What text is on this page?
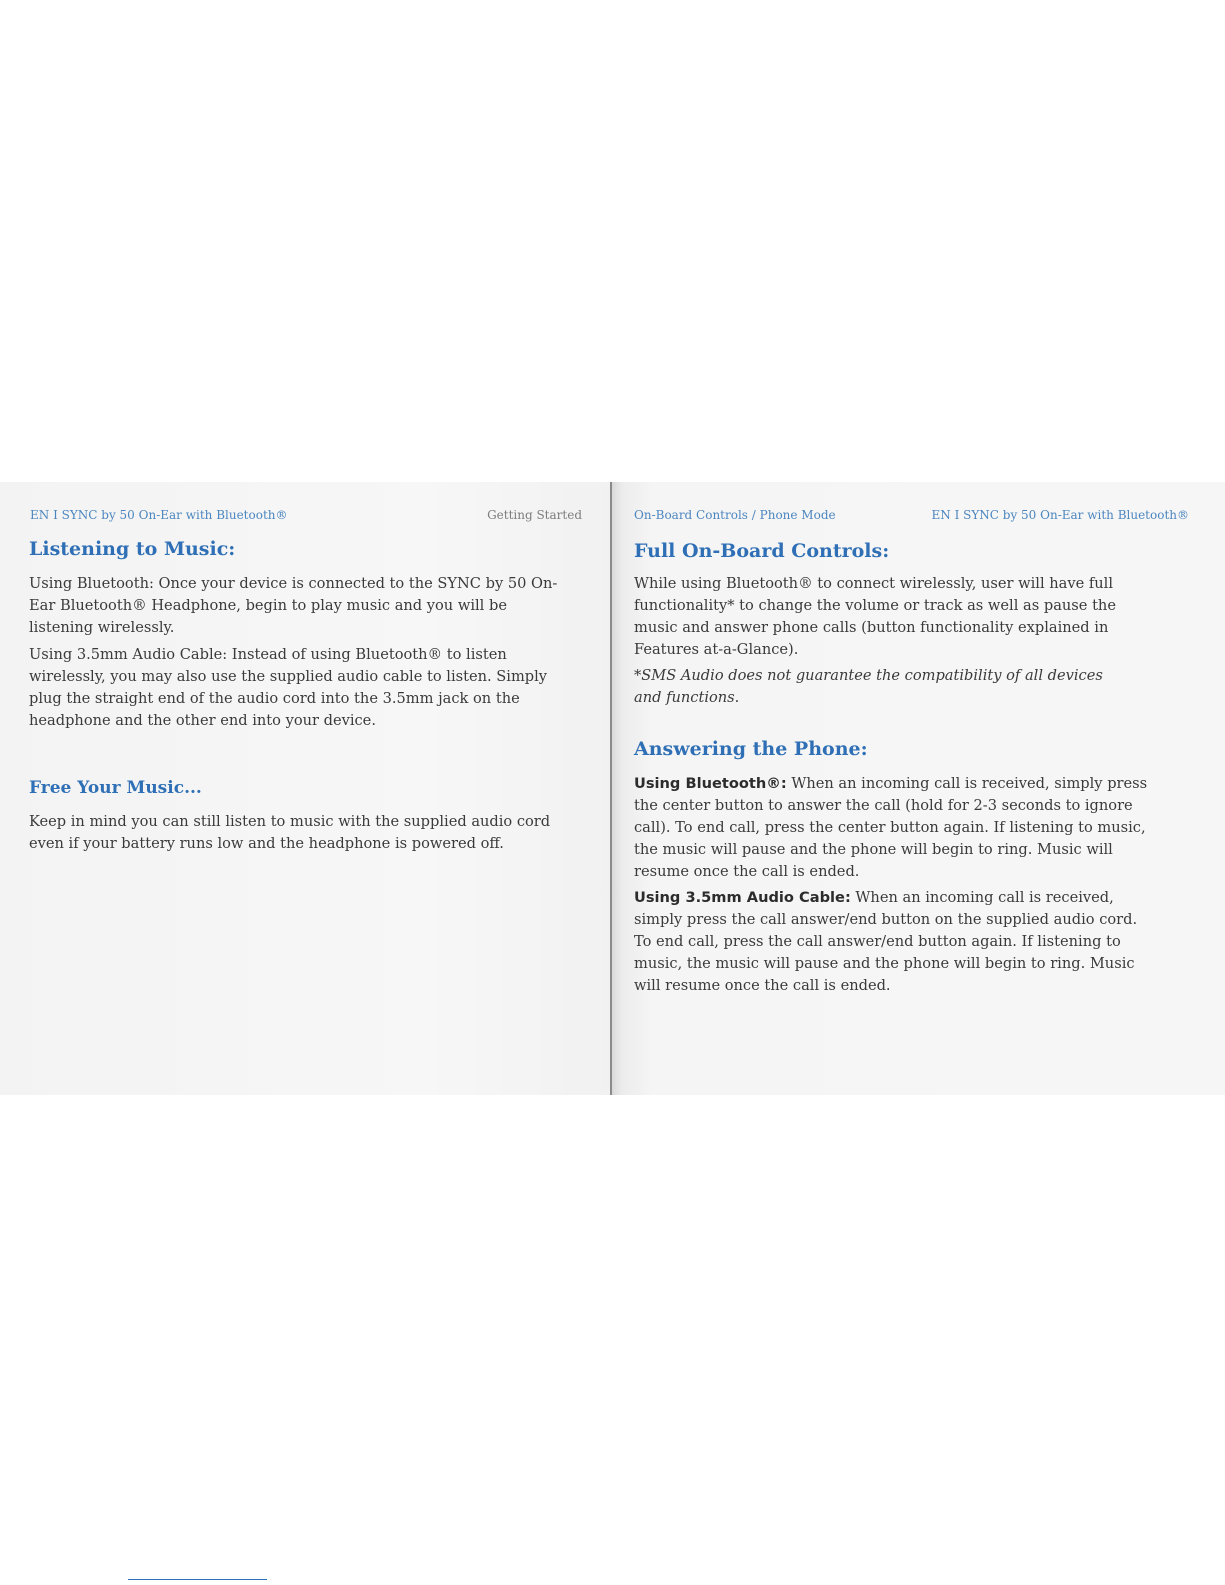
EN I SYNC by 50 On-Ear with Bluetooth®	Getting Started
Listening to Music:

Using Bluetooth: Once your device is connected to the SYNC by 50 On-Ear Bluetooth® Headphone, begin to play music and you will be listening wirelessly.

Using 3.5mm Audio Cable: Instead of using Bluetooth® to listen wirelessly, you may also use the supplied audio cable to listen. Simply plug the straight end of the audio cord into the 3.5mm jack on the headphone and the other end into your device.

Free Your Music...

Keep in mind you can still listen to music with the supplied audio cord even if your battery runs low and the headphone is powered off.

On-Board Controls / Phone Mode	EN I SYNC by 50 On-Ear with Bluetooth®
Full On-Board Controls:

While using Bluetooth® to connect wirelessly, user will have full functionality* to change the volume or track as well as pause the music and answer phone calls (button functionality explained in Features at-a-Glance).

*SMS Audio does not guarantee the compatibility of all devices and functions.

Answering the Phone:

Using Bluetooth®: When an incoming call is received, simply press the center button to answer the call (hold for 2-3 seconds to ignore call). To end call, press the center button again. If listening to music, the music will pause and the phone will begin to ring. Music will resume once the call is ended.

Using 3.5mm Audio Cable: When an incoming call is received, simply press the call answer/end button on the supplied audio cord. To end call, press the call answer/end button again. If listening to music, the music will pause and the phone will begin to ring. Music will resume once the call is ended.
